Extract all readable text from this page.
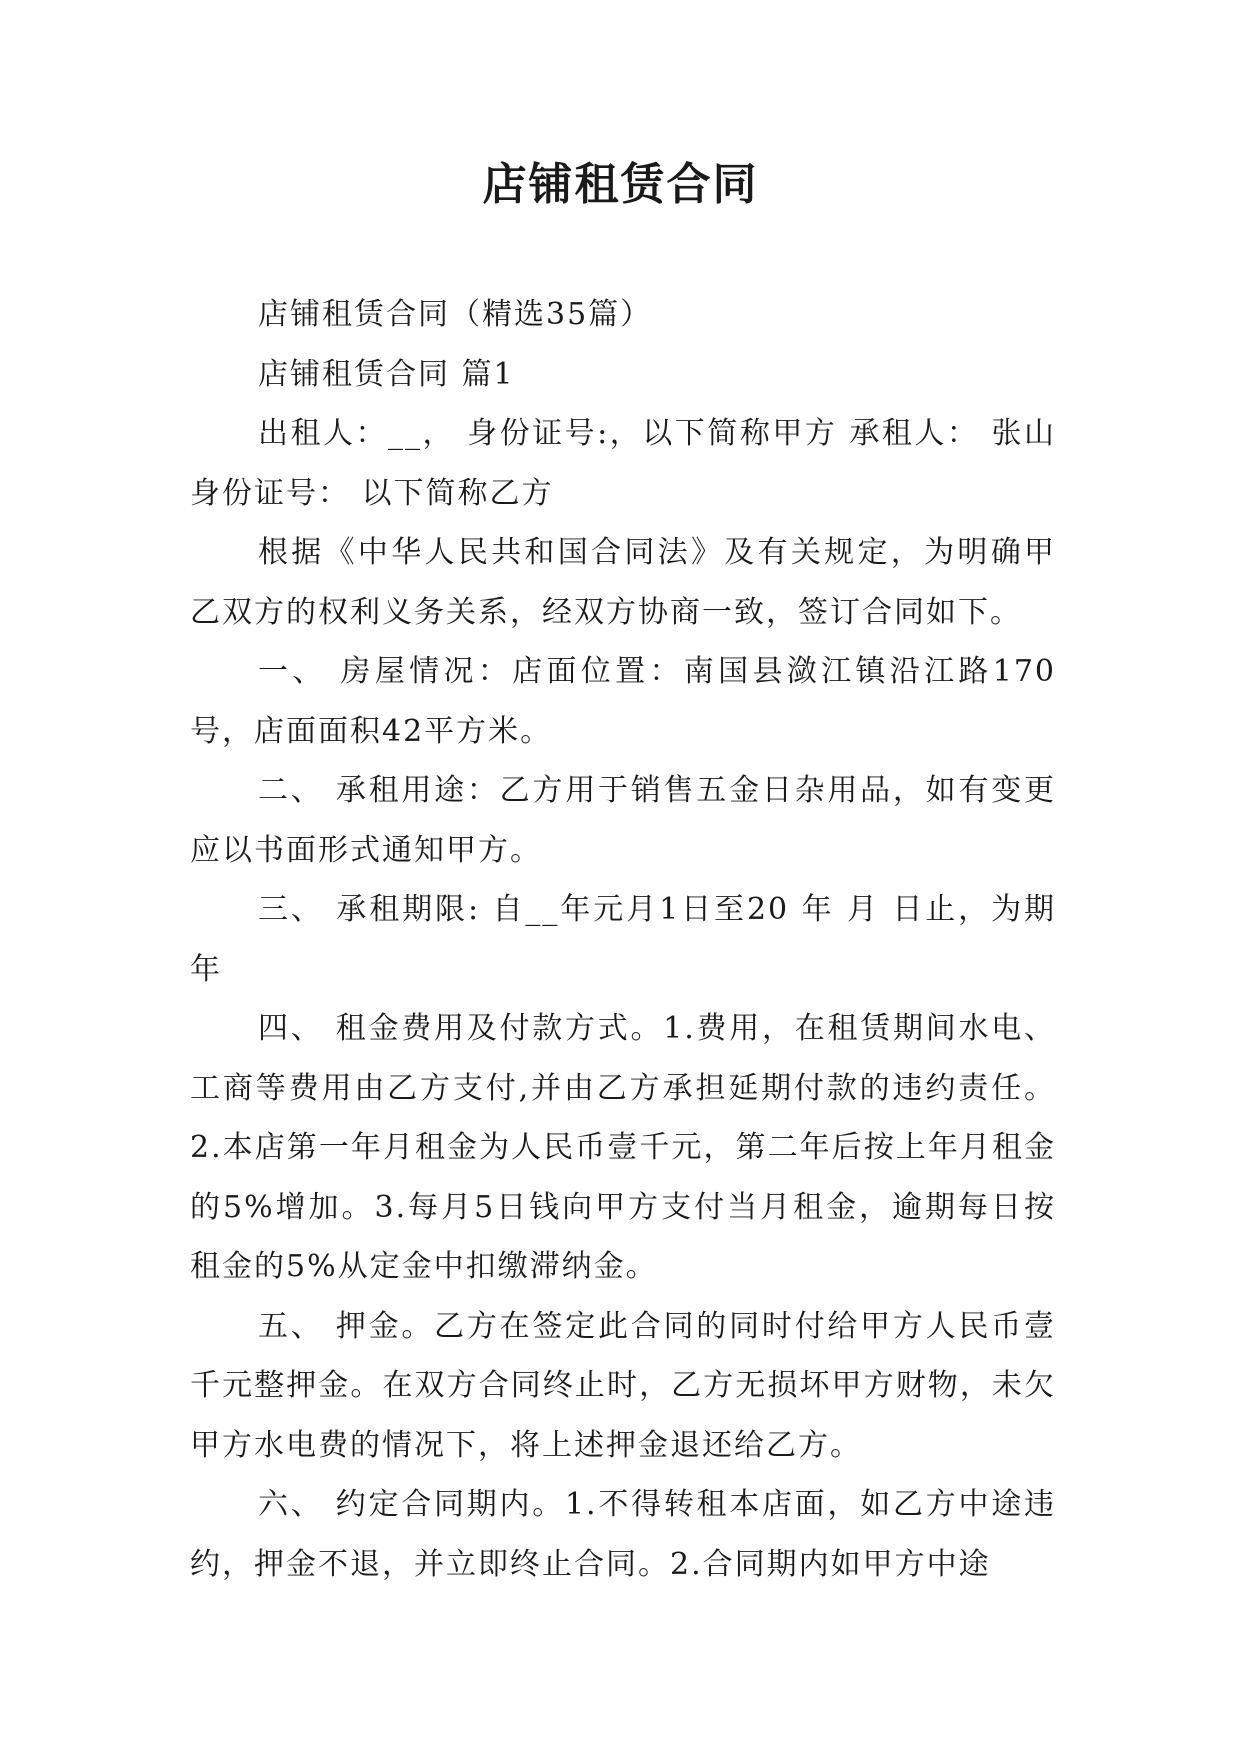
店铺租赁合同

店铺租赁合同（精选35篇）

店铺租赁合同 篇1

出租人：__， 身份证号:，以下简称甲方 承租人： 张山身份证号： 以下简称乙方

根据《中华人民共和国合同法》及有关规定，为明确甲乙双方的权利义务关系，经双方协商一致，签订合同如下。

一、 房屋情况：店面位置：南国县潋江镇沿江路170号，店面面积42平方米。

二、 承租用途：乙方用于销售五金日杂用品，如有变更应以书面形式通知甲方。

三、 承租期限: 自__年元月1日至20 年 月 日止，为期年

四、 租金费用及付款方式。1.费用，在租赁期间水电、工商等费用由乙方支付,并由乙方承担延期付款的违约责任。2.本店第一年月租金为人民币壹千元，第二年后按上年月租金的5%增加。3.每月5日钱向甲方支付当月租金，逾期每日按租金的5%从定金中扣缴滞纳金。

五、 押金。乙方在签定此合同的同时付给甲方人民币壹千元整押金。在双方合同终止时，乙方无损坏甲方财物，未欠甲方水电费的情况下，将上述押金退还给乙方。

六、 约定合同期内。1.不得转租本店面，如乙方中途违约，押金不退，并立即终止合同。2.合同期内如甲方中途
